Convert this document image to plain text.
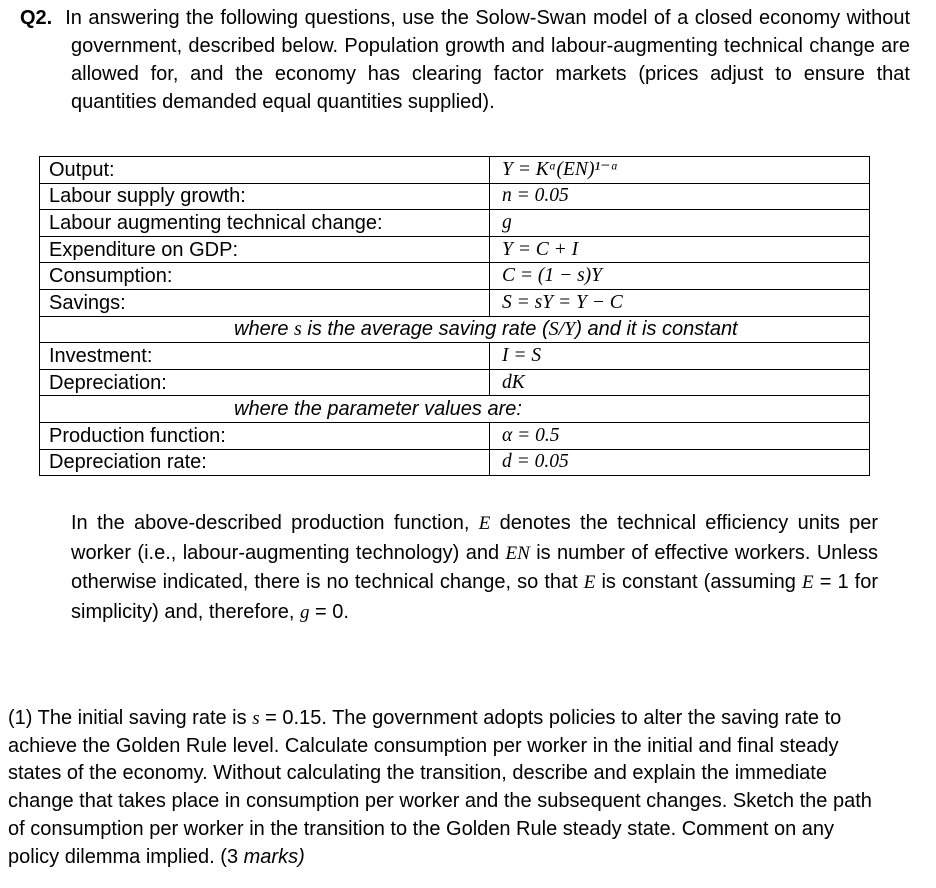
Q2. In answering the following questions, use the Solow-Swan model of a closed economy without government, described below. Population growth and labour-augmenting technical change are allowed for, and the economy has clearing factor markets (prices adjust to ensure that quantities demanded equal quantities supplied).
Output:	Y = Kᵅ(EN)¹⁻ᵅ
Labour supply growth:	n = 0.05
Labour augmenting technical change:	g
Expenditure on GDP:	Y = C + I
Consumption:	C = (1 − s)Y
Savings:	S = sY = Y − C
where s is the average saving rate (S/Y) and it is constant	
Investment:	I = S
Depreciation:	dK
where the parameter values are:	
Production function:	α = 0.5
Depreciation rate:	d = 0.05

In the above-described production function, E denotes the technical efficiency units per worker (i.e., labour-augmenting technology) and EN is number of effective workers. Unless otherwise indicated, there is no technical change, so that E is constant (assuming E = 1 for simplicity) and, therefore, g = 0.

(1) The initial saving rate is s = 0.15. The government adopts policies to alter the saving rate to achieve the Golden Rule level. Calculate consumption per worker in the initial and final steady states of the economy. Without calculating the transition, describe and explain the immediate change that takes place in consumption per worker and the subsequent changes. Sketch the path of consumption per worker in the transition to the Golden Rule steady state. Comment on any policy dilemma implied. (3 marks)
